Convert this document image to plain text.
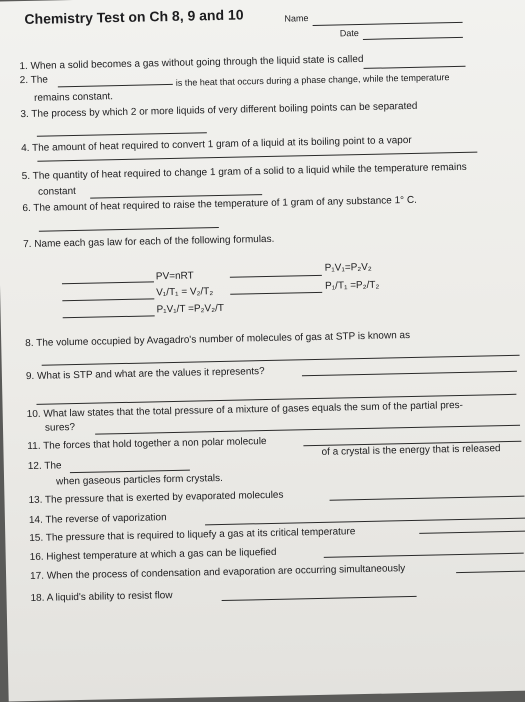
Chemistry Test on Ch 8, 9 and 10	Name
Date
1. When a solid becomes a gas without going through the liquid state is called
2. The	is the heat that occurs during a phase change, while the temperature
remains constant.
3. The process by which 2 or more liquids of very different boiling points can be separated
4. The amount of heat required to convert 1 gram of a liquid at its boiling point to a vapor
5. The quantity of heat required to change 1 gram of a solid to a liquid while the temperature remains
constant
6. The amount of heat required to raise the temperature of 1 gram of any substance 1° C.
7. Name each gas law for each of the following formulas.
PV=nRT
V₁/T₁ = V₂/T₂
P₁V₁/T =P₂V₂/T
P₁V₁=P₂V₂
P₁/T₁ =P₂/T₂
8. The volume occupied by Avagadro's number of molecules of gas at STP is known as
9. What is STP and what are the values it represents?
10. What law states that the total pressure of a mixture of gases equals the sum of the partial pres-
sures?
11. The forces that hold together a non polar molecule
12. The
of a crystal is the energy that is released
when gaseous particles form crystals.
13. The pressure that is exerted by evaporated molecules
14. The reverse of vaporization
15. The pressure that is required to liquefy a gas at its critical temperature
16. Highest temperature at which a gas can be liquefied
17. When the process of condensation and evaporation are occurring simultaneously
18. A liquid's ability to resist flow
